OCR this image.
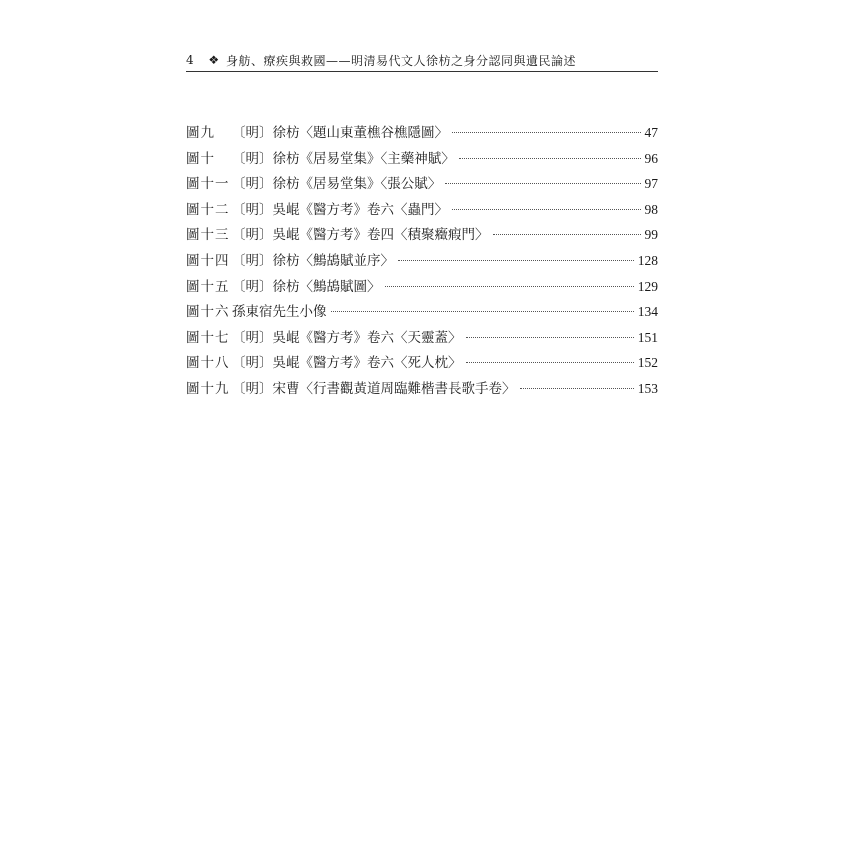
4	❖ 身舫、療疾與救國——明清易代文人徐枋之身分認同與遺民論述
圖九	〔明〕徐枋〈題山東董樵谷樵隱圖〉	47
圖十	〔明〕徐枋《居易堂集》〈主藥神賦〉	96
圖十一 〔明〕徐枋《居易堂集》〈張公賦〉	97
圖十二 〔明〕吳崐《醫方考》卷六〈蟲門〉	98
圖十三 〔明〕吳崐《醫方考》卷四〈積聚癥瘕門〉	99
圖十四 〔明〕徐枋〈鷦鴣賦並序〉	128
圖十五 〔明〕徐枋〈鷦鴣賦圖〉	129
圖十六 孫東宿先生小像	134
圖十七 〔明〕吳崐《醫方考》卷六〈天靈蓋〉	151
圖十八 〔明〕吳崐《醫方考》卷六〈死人枕〉	152
圖十九 〔明〕宋曹〈行書觀黃道周臨難楷書長歌手卷〉	153
